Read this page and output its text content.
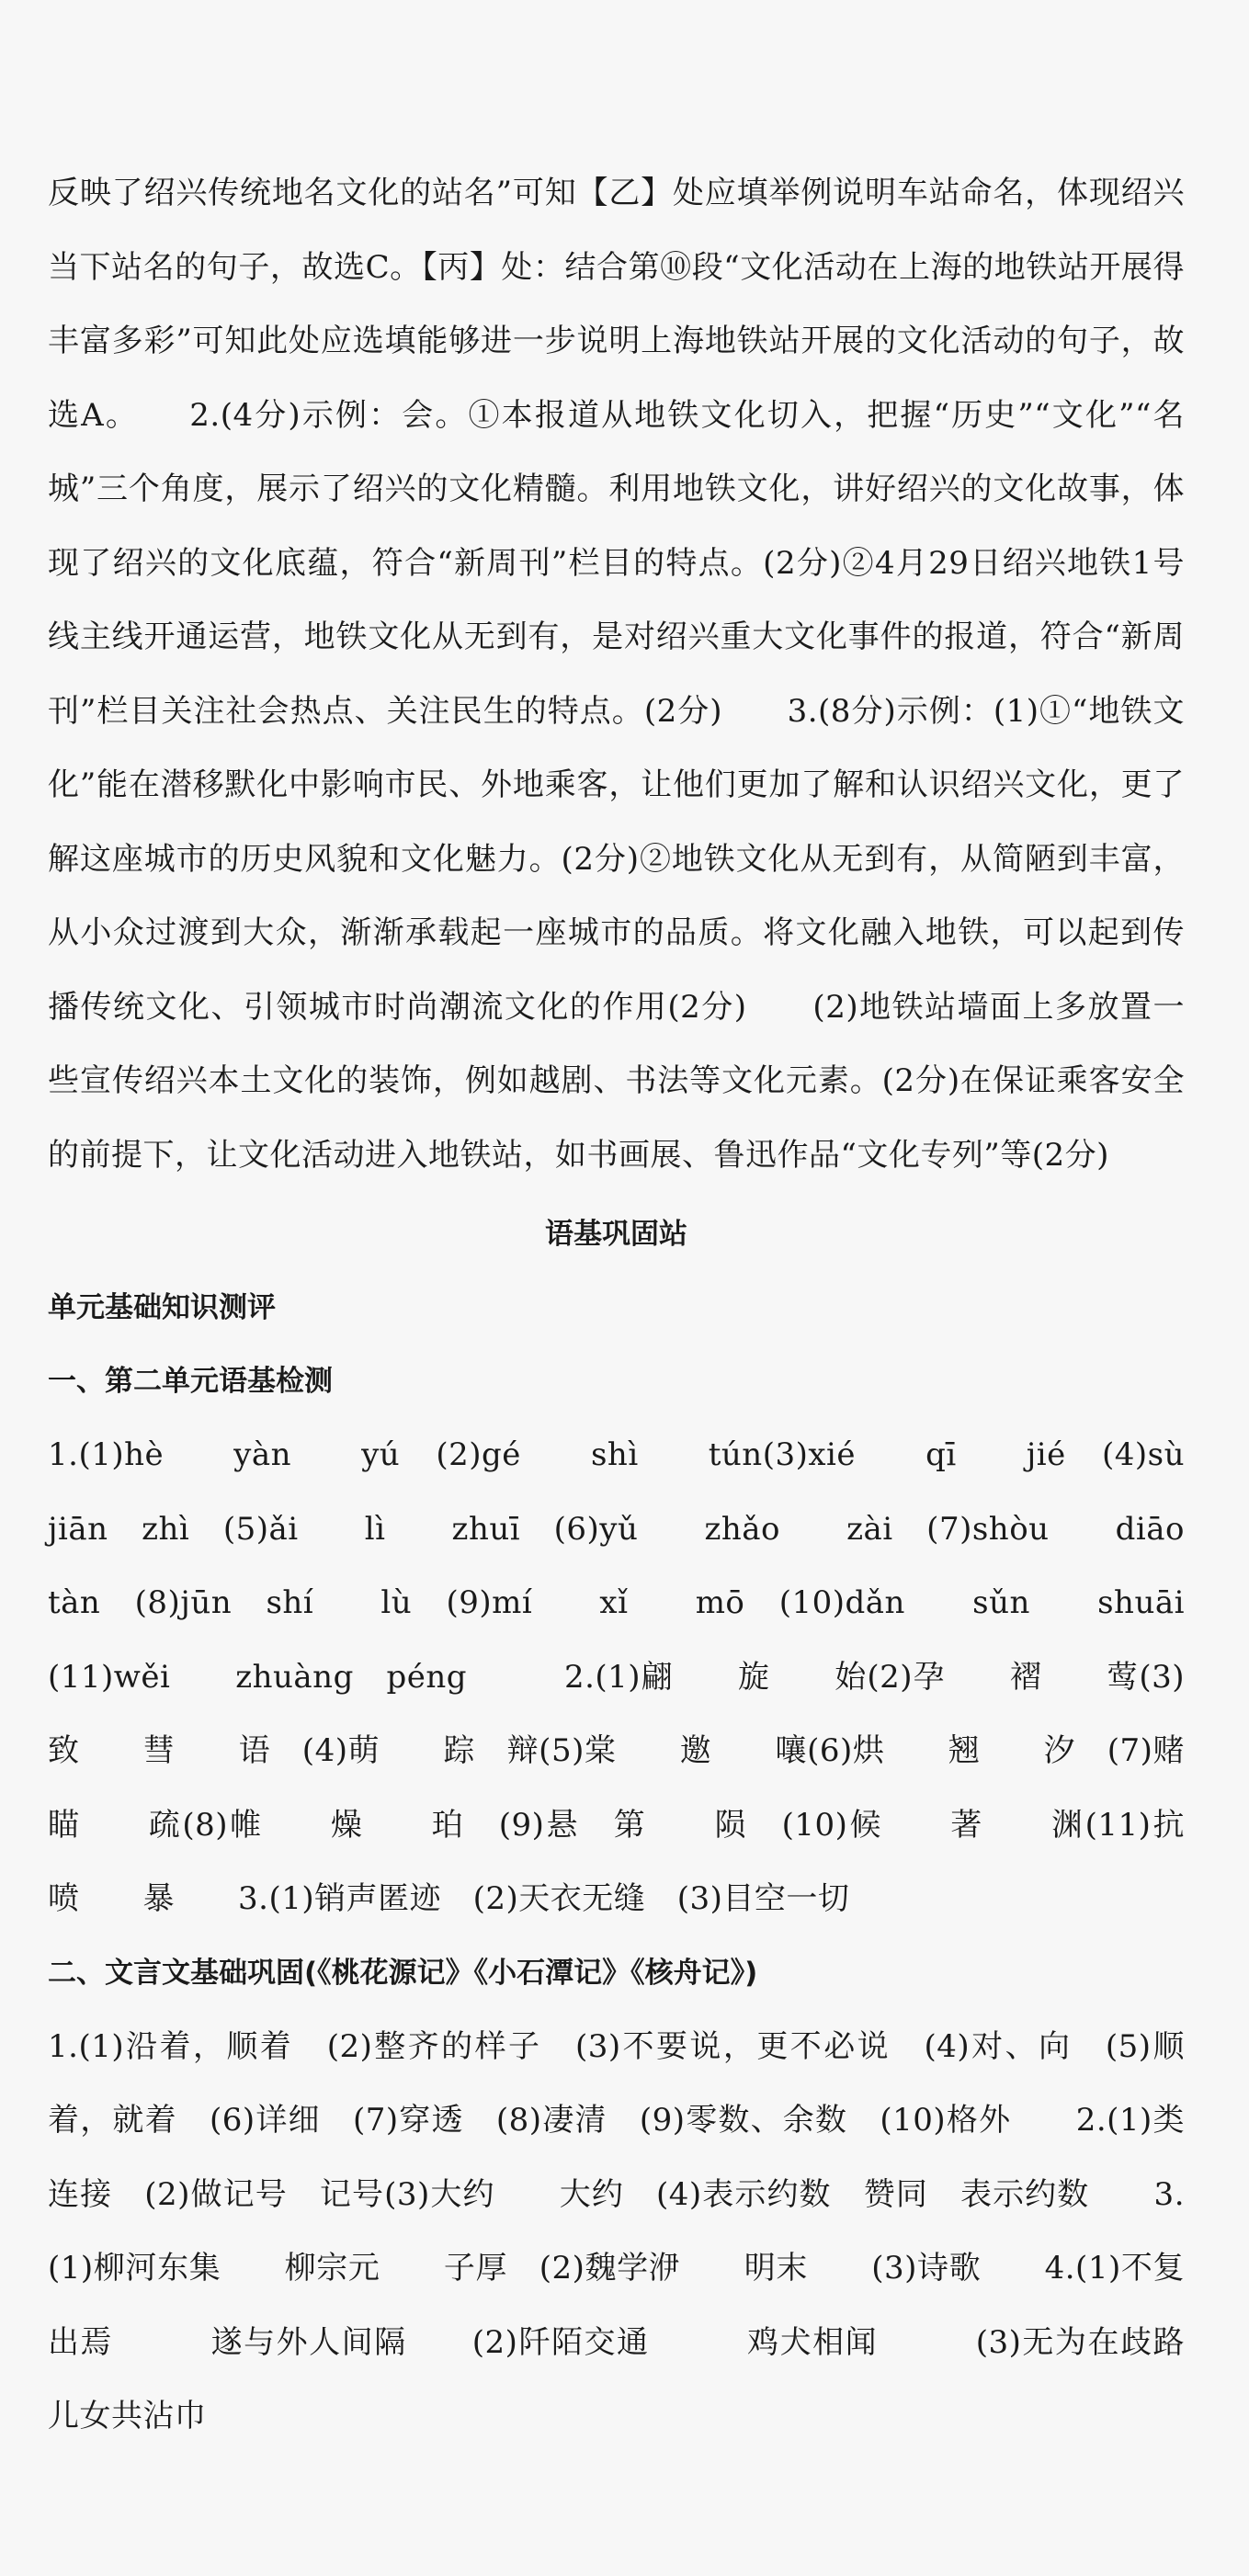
反映了绍兴传统地名文化的站名”可知【乙】处应填举例说明车站命名，体现绍兴当下站名的句子，故选C。【丙】处：结合第⑩段“文化活动在上海的地铁站开展得丰富多彩”可知此处应选填能够进一步说明上海地铁站开展的文化活动的句子，故选A。　　2.(4分)示例：会。①本报道从地铁文化切入，把握“历史”“文化”“名城”三个角度，展示了绍兴的文化精髓。利用地铁文化，讲好绍兴的文化故事，体现了绍兴的文化底蕴，符合“新周刊”栏目的特点。(2分)②4月29日绍兴地铁1号线主线开通运营，地铁文化从无到有，是对绍兴重大文化事件的报道，符合“新周刊”栏目关注社会热点、关注民生的特点。(2分)　　3.(8分)示例：(1)①“地铁文化”能在潜移默化中影响市民、外地乘客，让他们更加了解和认识绍兴文化，更了解这座城市的历史风貌和文化魅力。(2分)②地铁文化从无到有，从简陋到丰富，从小众过渡到大众，渐渐承载起一座城市的品质。将文化融入地铁，可以起到传播传统文化、引领城市时尚潮流文化的作用(2分)　　(2)地铁站墙面上多放置一些宣传绍兴本土文化的装饰，例如越剧、书法等文化元素。(2分)在保证乘客安全的前提下，让文化活动进入地铁站，如书画展、鲁迅作品“文化专列”等(2分)

语基巩固站
单元基础知识测评
一、第二单元语基检测

1.(1)hè　　yàn　　yú　(2)gé　　shì　　tún(3)xié　　qī　　jié　(4)sù　　jiān　zhì　(5)ǎi　　lì　　zhuī　(6)yǔ　　zhǎo　　zài　(7)shòu　　diāo　　tàn　(8)jūn　shí　　lù　(9)mí　　xǐ　　mō　(10)dǎn　　sǔn　　shuāi　(11)wěi　　zhuàng　péng　　　2.(1)翩　　旋　　始(2)孕　　褶　　莺(3)致　　彗　　语　(4)萌　　踪　辩(5)棠　　邀　　嚷(6)烘　　翘　　汐　(7)赌　　瞄　　疏(8)帷　　燥　　珀　(9)悬　第　　陨　(10)候　　著　　渊(11)抗　　喷　　暴　　3.(1)销声匿迹　(2)天衣无缝　(3)目空一切

二、文言文基础巩固(《桃花源记》《小石潭记》《核舟记》)

1.(1)沿着，顺着　(2)整齐的样子　(3)不要说，更不必说　(4)对、向　(5)顺着，就着　(6)详细　(7)穿透　(8)凄清　(9)零数、余数　(10)格外　　2.(1)类　　连接　(2)做记号　记号(3)大约　　大约　(4)表示约数　赞同　表示约数　　3.(1)柳河东集　　柳宗元　　子厚　(2)魏学洢　　明末　　(3)诗歌　　4.(1)不复出焉　　　遂与外人间隔　　(2)阡陌交通　　　鸡犬相闻　　　(3)无为在歧路　儿女共沾巾
